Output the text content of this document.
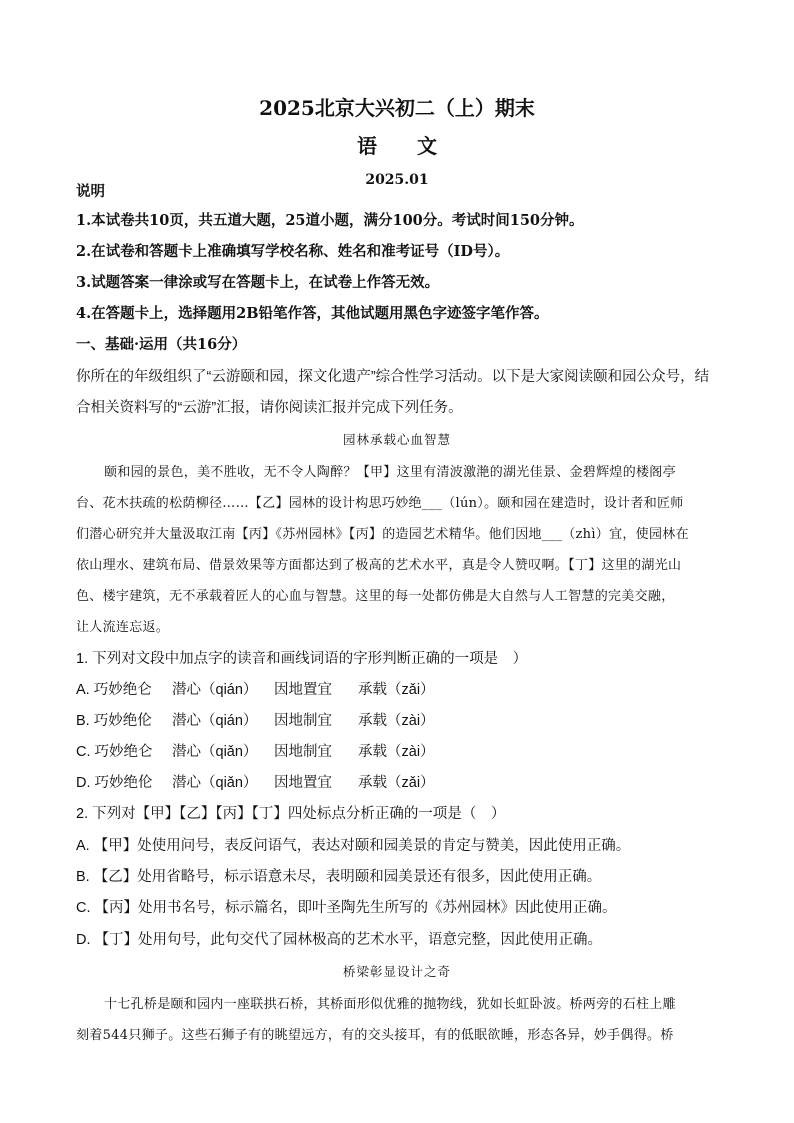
2025北京大兴初二（上）期末
语　　文
2025.01
说明
1.本试卷共10页，共五道大题，25道小题，满分100分。考试时间150分钟。
2.在试卷和答题卡上准确填写学校名称、姓名和准考证号（ID号）。
3.试题答案一律涂或写在答题卡上，在试卷上作答无效。
4.在答题卡上，选择题用2B铅笔作答，其他试题用黑色字迹签字笔作答。
一、基础·运用（共16分）
你所在的年级组织了“云游颐和园，探文化遗产”综合性学习活动。以下是大家阅读颐和园公众号，结
合相关资料写的“云游”汇报，请你阅读汇报并完成下列任务。
园林承载心血智慧
颐和园的景色，美不胜收，无不令人陶醉？【甲】这里有清波激滟的湖光佳景、金碧辉煌的楼阁亭
台、花木扶疏的松荫柳径……【乙】园林的设计构思巧妙绝___（lún）。颐和园在建造时，设计者和匠师
们潜心研究并大量汲取江南【丙】《苏州园林》【丙】的造园艺术精华。他们因地___（zhì）宜，使园林在
依山理水、建筑布局、借景效果等方面都达到了极高的艺术水平，真是令人赞叹啊。【丁】这里的湖光山
色、楼宇建筑，无不承载着匠人的心血与智慧。这里的每一处都仿佛是大自然与人工智慧的完美交融，
让人流连忘返。
1. 下列对文段中加点字的读音和画线词语的字形判断正确的一项是　）
A. 巧妙绝仑 潜心（qián） 因地置宜 承载（zǎi）
B. 巧妙绝伦 潜心（qián） 因地制宜 承载（zài）
C. 巧妙绝仑 潜心（qiǎn） 因地制宜 承载（zài）
D. 巧妙绝伦 潜心（qiǎn） 因地置宜 承载（zǎi）
2. 下列对【甲】【乙】【丙】【丁】四处标点分析正确的一项是（　）
A. 【甲】处使用问号，表反问语气，表达对颐和园美景的肯定与赞美，因此使用正确。
B. 【乙】处用省略号，标示语意未尽，表明颐和园美景还有很多，因此使用正确。
C. 【丙】处用书名号，标示篇名，即叶圣陶先生所写的《苏州园林》因此使用正确。
D. 【丁】处用句号，此句交代了园林极高的艺术水平，语意完整，因此使用正确。
桥梁彰显设计之奇
十七孔桥是颐和园内一座联拱石桥，其桥面形似优雅的抛物线，犹如长虹卧波。桥两旁的石柱上雕
刻着544只狮子。这些石狮子有的眺望远方，有的交头接耳，有的低眠欲睡，形态各异，妙手偶得。桥
